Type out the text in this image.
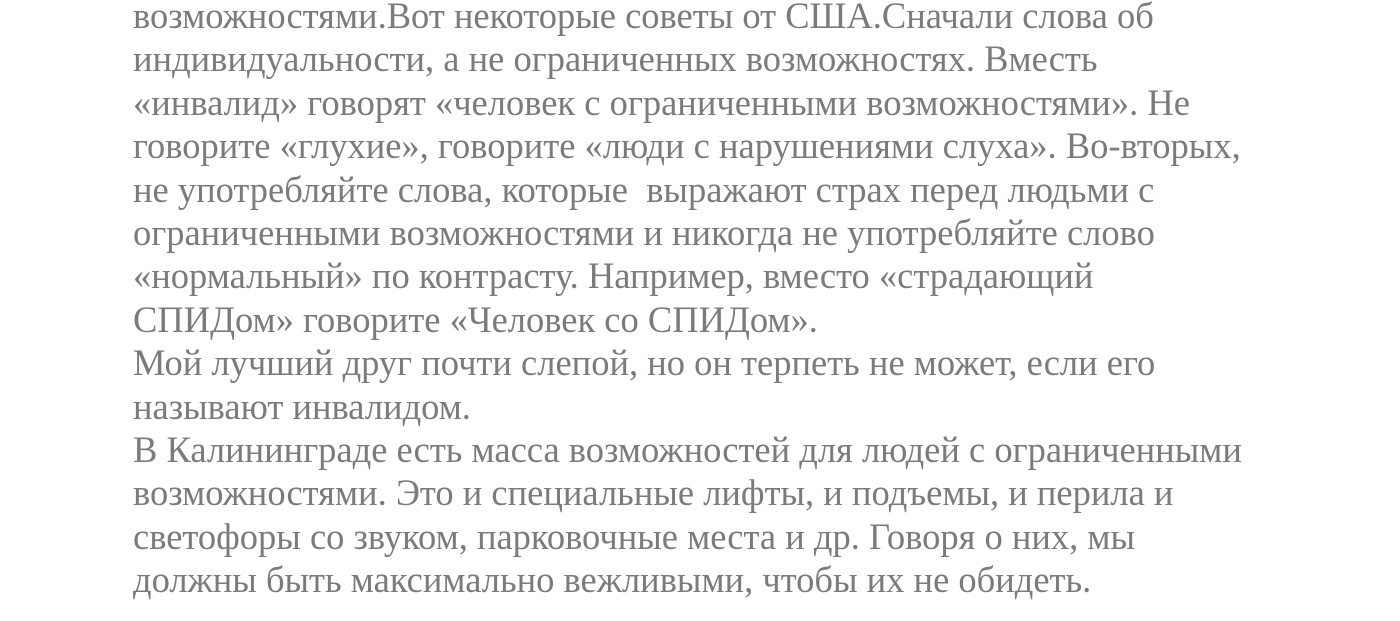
возможностями.Вот некоторые советы от США.Сначали слова об
индивидуальности, а не ограниченных возможностях. Вместь
«инвалид» говорят «человек с ограниченными возможностями». Не
говорите «глухие», говорите «люди с нарушениями слуха». Во-вторых,
не употребляйте слова, которые  выражают страх перед людьми с
ограниченными возможностями и никогда не употребляйте слово
«нормальный» по контрасту. Например, вместо «страдающий
СПИДом» говорите «Человек со СПИДом».
Мой лучший друг почти слепой, но он терпеть не может, если его
называют инвалидом.
В Калининграде есть масса возможностей для людей с ограниченными
возможностями. Это и специальные лифты, и подъемы, и перила и
светофоры со звуком, парковочные места и др. Говоря о них, мы
должны быть максимально вежливыми, чтобы их не обидеть.
